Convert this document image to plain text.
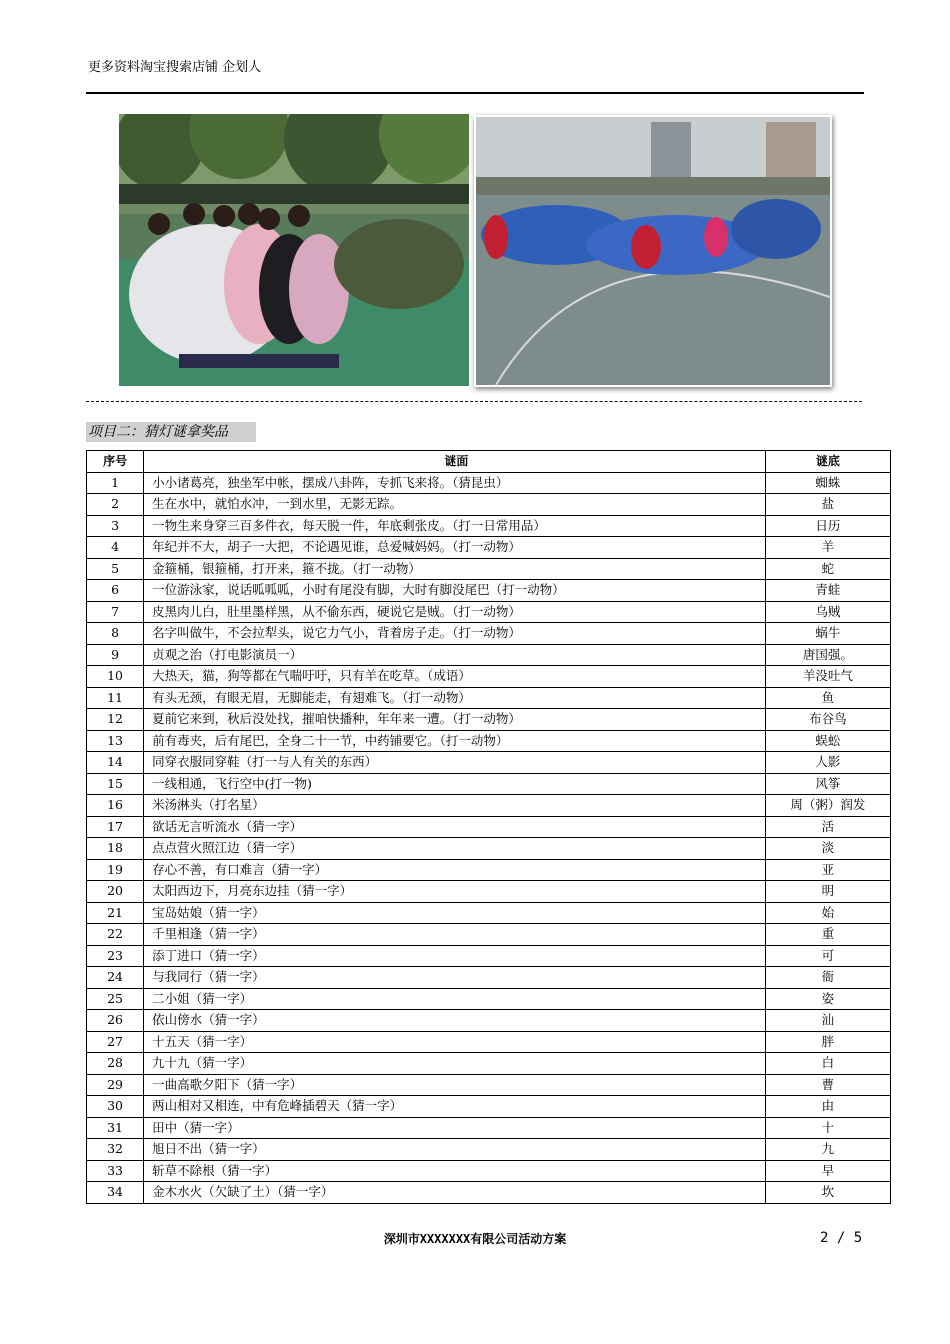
更多资料淘宝搜索店铺 企划人
项目二：猜灯谜拿奖品
序号	谜面	谜底
1	小小诸葛亮，独坐军中帐，摆成八卦阵，专抓飞来将。（猜昆虫）	蜘蛛
2	生在水中，就怕水冲，一到水里，无影无踪。	盐
3	一物生来身穿三百多件衣，每天脱一件，年底剩张皮。（打一日常用品）	日历
4	年纪并不大，胡子一大把，不论遇见谁，总爱喊妈妈。（打一动物）	羊
5	金箍桶，银箍桶，打开来，箍不拢。（打一动物）	蛇
6	一位游泳家，说话呱呱呱，小时有尾没有脚，大时有脚没尾巴（打一动物）	青蛙
7	皮黑肉儿白，肚里墨样黑，从不偷东西，硬说它是贼。（打一动物）	乌贼
8	名字叫做牛，不会拉犁头，说它力气小，背着房子走。（打一动物）	蜗牛
9	贞观之治（打电影演员一）	唐国强。
10	大热天，猫，狗等都在气喘吁吁，只有羊在吃草。（成语）	羊没吐气
11	有头无颈，有眼无眉，无脚能走，有翅难飞。（打一动物）	鱼
12	夏前它来到，秋后没处找，摧咱快播种，年年来一遭。（打一动物）	布谷鸟
13	前有毒夹，后有尾巴，全身二十一节，中药铺要它。（打一动物）	蜈蚣
14	同穿衣服同穿鞋（打一与人有关的东西）	人影
15	一线相通，飞行空中(打一物)	风筝
16	米汤淋头（打名星）	周（粥）润发
17	欲话无言听流水（猜一字）	活
18	点点营火照江边（猜一字）	淡
19	存心不善，有口难言（猜一字）	亚
20	太阳西边下，月亮东边挂（猜一字）	明
21	宝岛姑娘（猜一字）	始
22	千里相逢（猜一字）	重
23	添丁进口（猜一字）	可
24	与我同行（猜一字）	衙
25	二小姐（猜一字）	姿
26	依山傍水（猜一字）	汕
27	十五天（猜一字）	胖
28	九十九（猜一字）	白
29	一曲高歌夕阳下（猜一字）	曹
30	两山相对又相连，中有危峰插碧天（猜一字）	由
31	田中（猜一字）	十
32	旭日不出（猜一字）	九
33	斩草不除根（猜一字）	早
34	金木水火（欠缺了土）（猜一字）	坎
深圳市XXXXXXX有限公司活动方案	2 / 5
